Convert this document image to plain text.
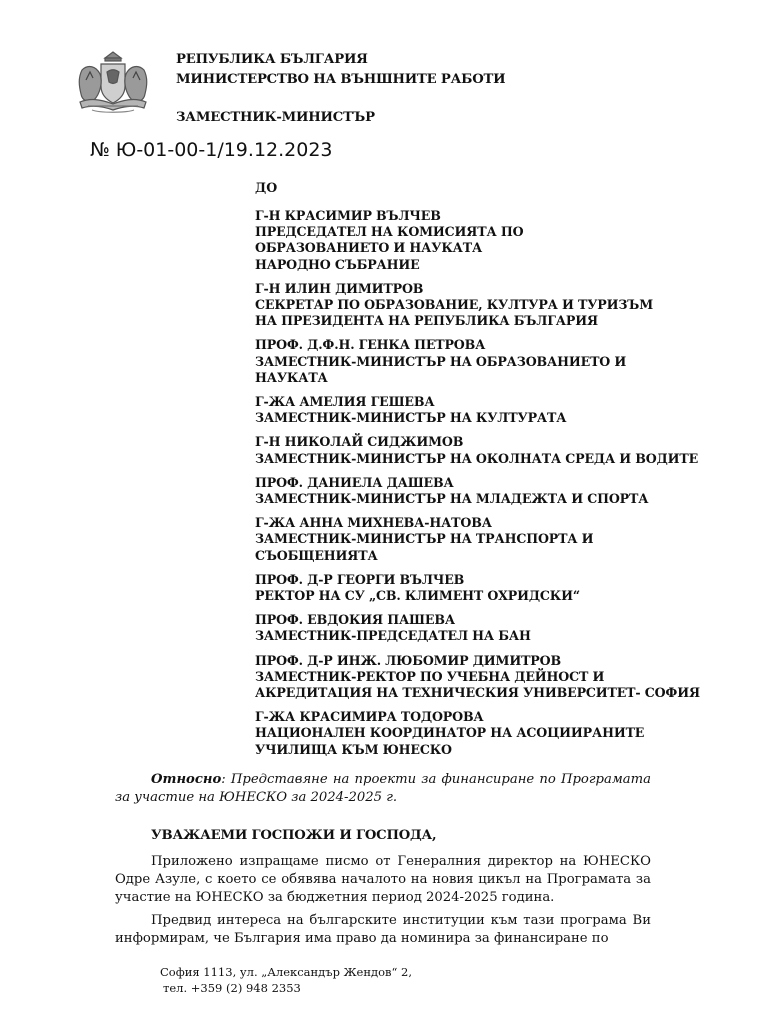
РЕПУБЛИКА БЪЛГАРИЯ
МИНИСТЕРСТВО НА ВЪНШНИТЕ РАБОТИ
ЗАМЕСТНИК-МИНИСТЪР
№ Ю-01-00-1/19.12.2023
ДО
Г-Н КРАСИМИР ВЪЛЧЕВ
ПРЕДСЕДАТЕЛ НА КОМИСИЯТА ПО
ОБРАЗОВАНИЕТО И НАУКАТА
НАРОДНО СЪБРАНИЕ
Г-Н ИЛИН ДИМИТРОВ
СЕКРЕТАР ПО ОБРАЗОВАНИЕ, КУЛТУРА И ТУРИЗЪМ
НА ПРЕЗИДЕНТА НА РЕПУБЛИКА БЪЛГАРИЯ
ПРОФ. Д.Ф.Н. ГЕНКА ПЕТРОВА
ЗАМЕСТНИК-МИНИСТЪР НА ОБРАЗОВАНИЕТО И
НАУКАТА
Г-ЖА АМЕЛИЯ ГЕШЕВА
ЗАМЕСТНИК-МИНИСТЪР НА КУЛТУРАТА
Г-Н НИКОЛАЙ СИДЖИМОВ
ЗАМЕСТНИК-МИНИСТЪР НА ОКОЛНАТА СРЕДА И ВОДИТЕ
ПРОФ. ДАНИЕЛА ДАШЕВА
ЗАМЕСТНИК-МИНИСТЪР НА МЛАДЕЖТА И СПОРТА
Г-ЖА АННА МИХНЕВА-НАТОВА
ЗАМЕСТНИК-МИНИСТЪР НА ТРАНСПОРТА И
СЪОБЩЕНИЯТА
ПРОФ. Д-Р ГЕОРГИ ВЪЛЧЕВ
РЕКТОР НА СУ „СВ. КЛИМЕНТ ОХРИДСКИ“
ПРОФ. ЕВДОКИЯ ПАШЕВА
ЗАМЕСТНИК-ПРЕДСЕДАТЕЛ НА БАН
ПРОФ. Д-Р ИНЖ. ЛЮБОМИР ДИМИТРОВ
ЗАМЕСТНИК-РЕКТОР ПО УЧЕБНА ДЕЙНОСТ И
АКРЕДИТАЦИЯ НА ТЕХНИЧЕСКИЯ УНИВЕРСИТЕТ- СОФИЯ
Г-ЖА КРАСИМИРА ТОДОРОВА
НАЦИОНАЛЕН КООРДИНАТОР НА АСОЦИИРАНИТЕ
УЧИЛИЩА КЪМ ЮНЕСКО
Относно: Представяне на проекти за финансиране по Програмата за участие на ЮНЕСКО за 2024-2025 г.
УВАЖАЕМИ ГОСПОЖИ И ГОСПОДА,
Приложено изпращаме писмо от Генералния директор на ЮНЕСКО Одре Азуле, с което се обявява началото на новия цикъл на Програмата за участие на ЮНЕСКО за бюджетния период 2024-2025 година.
Предвид интереса на българските институции към тази програма Ви информирам, че България има право да номинира за финансиране по
София 1113, ул. „Александър Жендов“ 2,
тел. +359 (2) 948 2353
